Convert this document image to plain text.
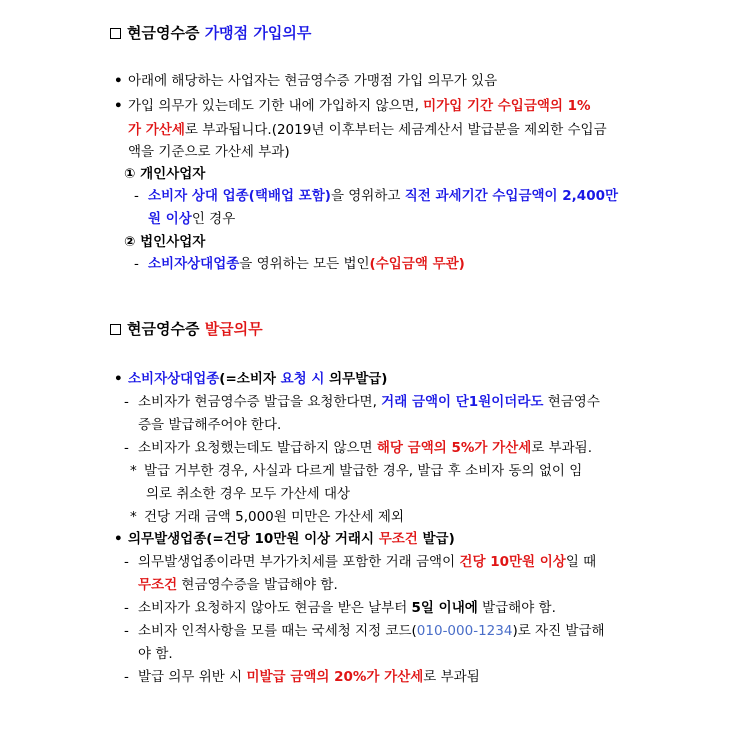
현금영수증 가맹점 가입의무
• 아래에 해당하는 사업자는 현금영수증 가맹점 가입 의무가 있음
• 가입 의무가 있는데도 기한 내에 가입하지 않으면, 미가입 기간 수입금액의 1%
가 가산세로 부과됩니다.(2019년 이후부터는 세금계산서 발급분을 제외한 수입금
액을 기준으로 가산세 부과)
① 개인사업자
- 소비자 상대 업종(택배업 포함)을 영위하고 직전 과세기간 수입금액이 2,400만
원 이상인 경우
② 법인사업자
- 소비자상대업종을 영위하는 모든 법인(수입금액 무관)
현금영수증 발급의무
• 소비자상대업종(=소비자 요청 시 의무발급)
- 소비자가 현금영수증 발급을 요청한다면, 거래 금액이 단1원이더라도 현금영수
증을 발급해주어야 한다.
- 소비자가 요청했는데도 발급하지 않으면 해당 금액의 5%가 가산세로 부과됨.
* 발급 거부한 경우, 사실과 다르게 발급한 경우, 발급 후 소비자 동의 없이 임
의로 취소한 경우 모두 가산세 대상
* 건당 거래 금액 5,000원 미만은 가산세 제외
• 의무발생업종(=건당 10만원 이상 거래시 무조건 발급)
- 의무발생업종이라면 부가가치세를 포함한 거래 금액이 건당 10만원 이상일 때
무조건 현금영수증을 발급해야 함.
- 소비자가 요청하지 않아도 현금을 받은 날부터 5일 이내에 발급해야 함.
- 소비자 인적사항을 모를 때는 국세청 지정 코드(010-000-1234)로 자진 발급해
야 함.
- 발급 의무 위반 시 미발급 금액의 20%가 가산세로 부과됨
